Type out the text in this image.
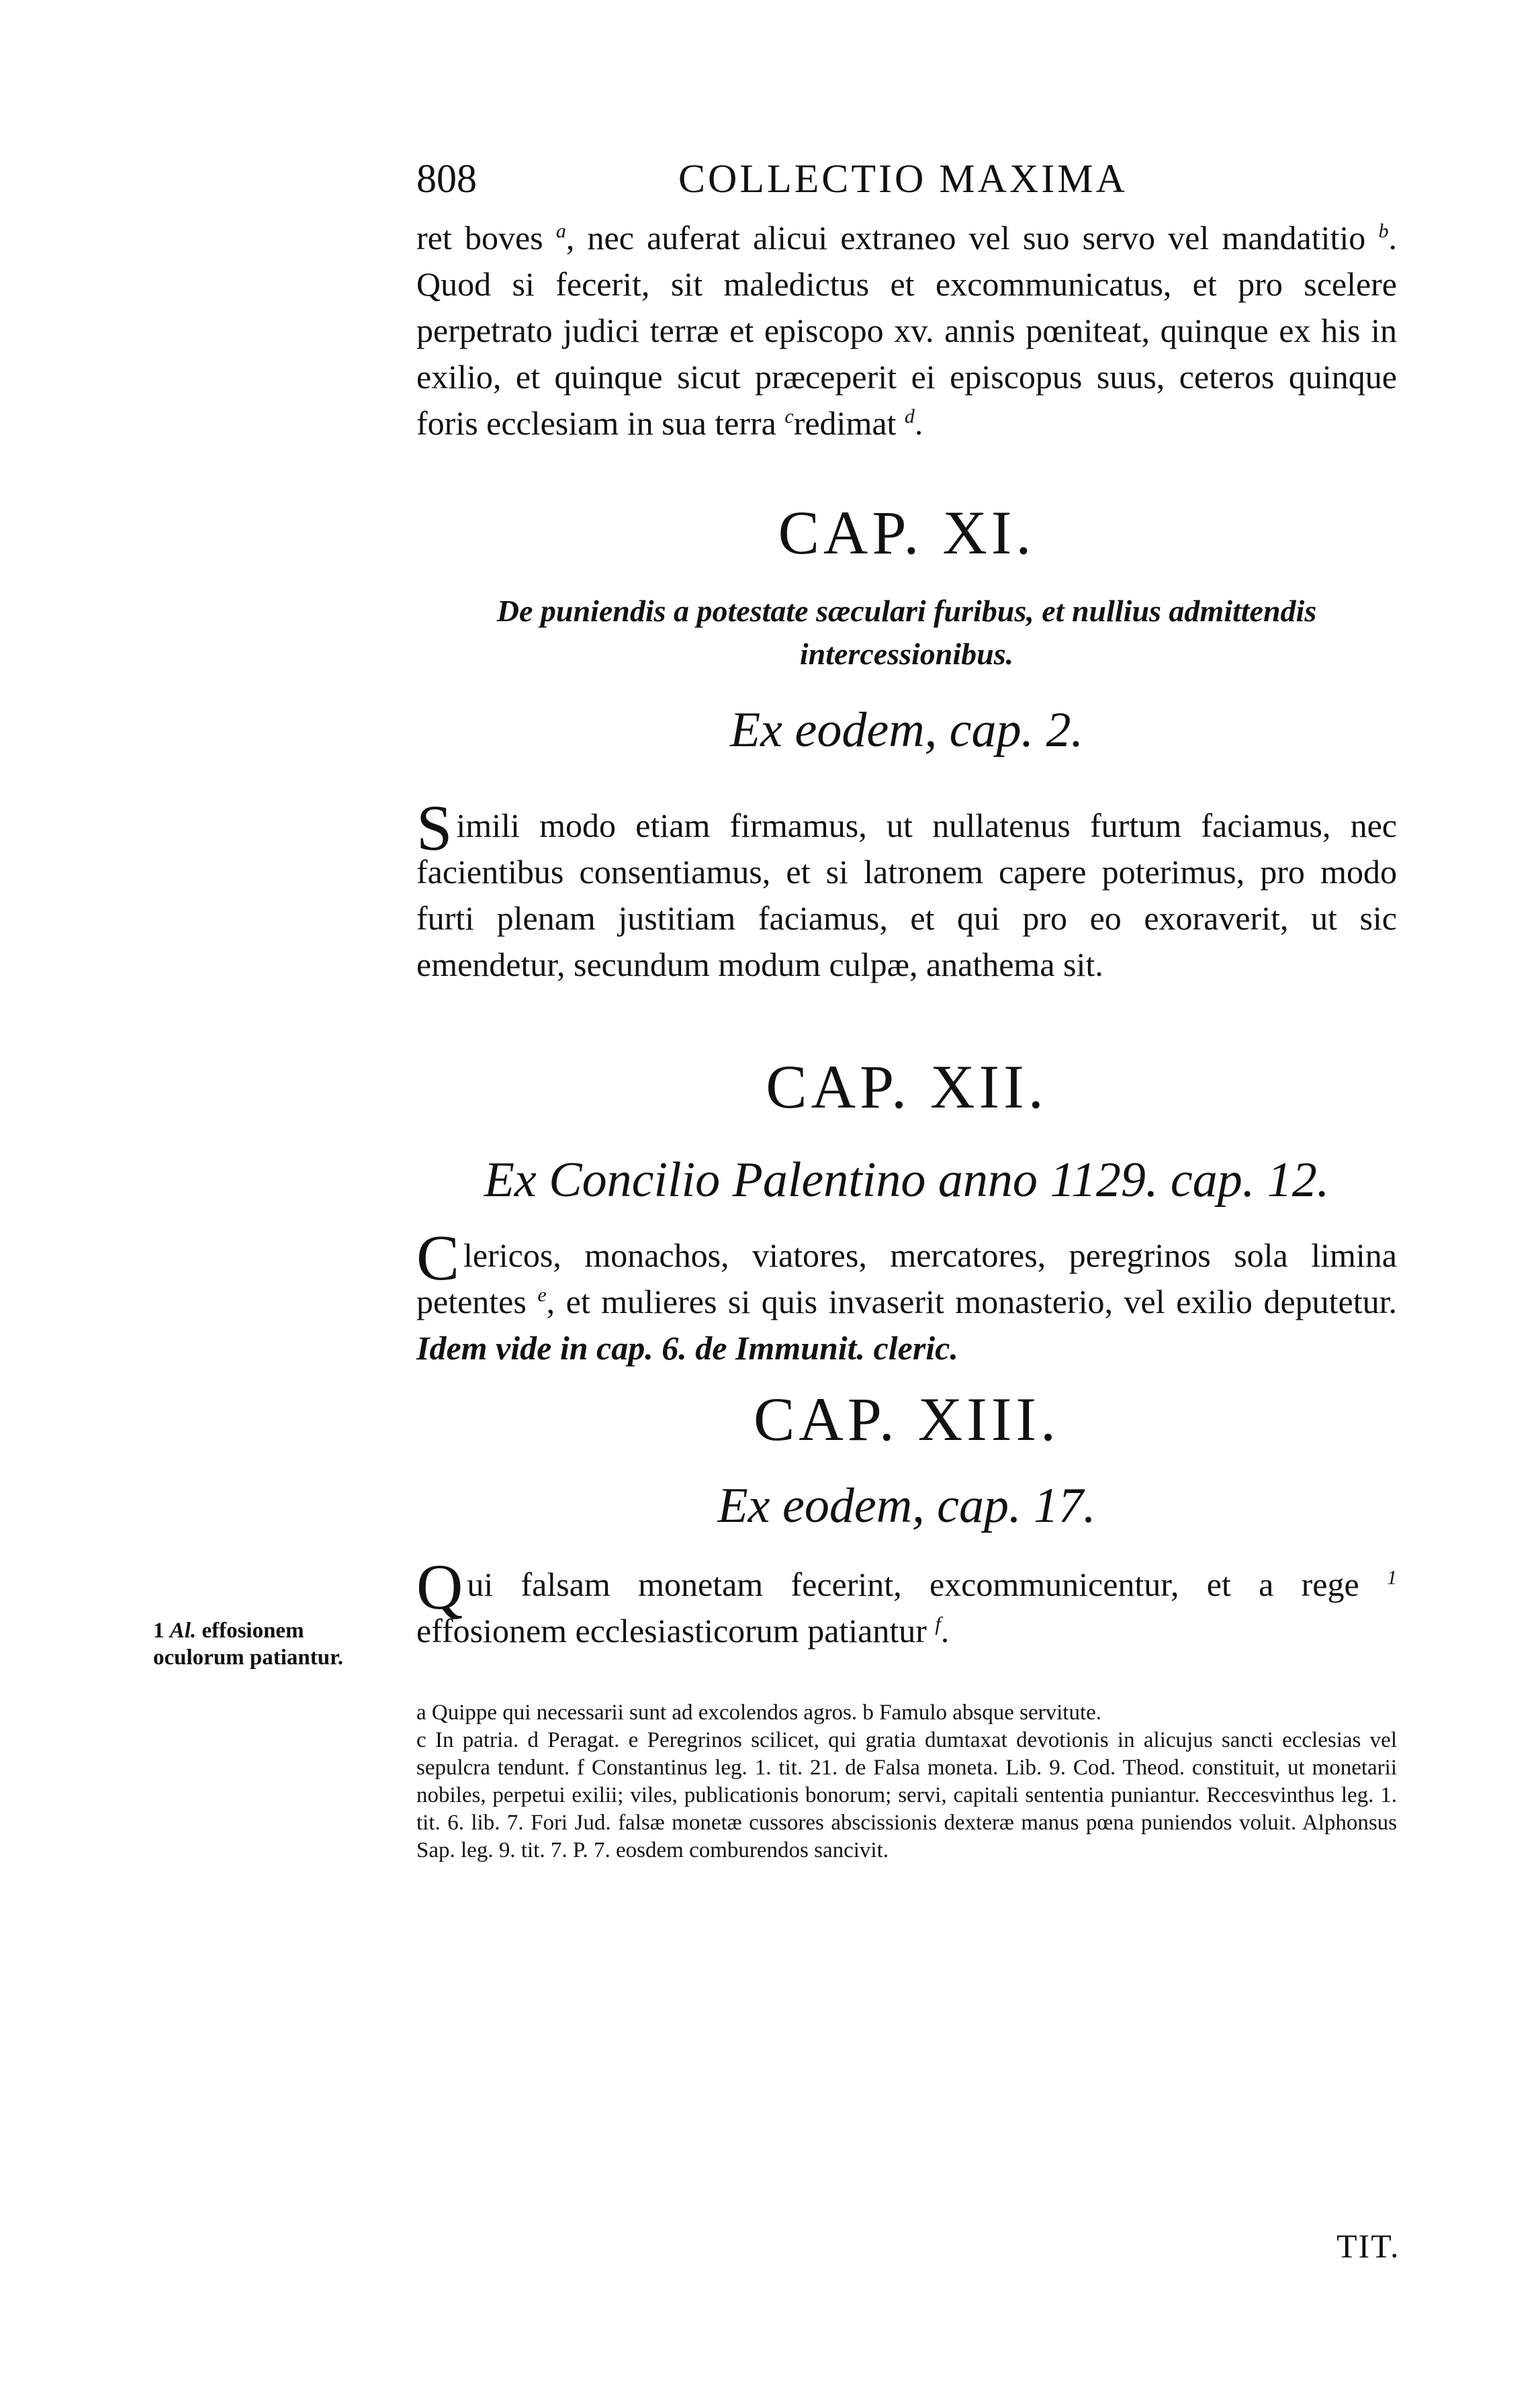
808	COLLECTIO MAXIMA

ret boves $^a$, nec auferat alicui extraneo vel suo servo vel mandatitio $^b$. Quod si fecerit, sit maledictus et excommunicatus, et pro scelere perpetrato judici terræ et episcopo xv. annis pœniteat, quinque ex his in exilio, et quinque sicut præceperit ei episcopus suus, ceteros quinque foris ecclesiam in sua terra $^c$redimat $^d$.

CAP. XI.
De puniendis a potestate sæculari furibus, et nullius admittendis intercessionibus.
Ex eodem, cap. 2.

Simili modo etiam firmamus, ut nullatenus furtum faciamus, nec facientibus consentiamus, et si latronem capere poterimus, pro modo furti plenam justitiam faciamus, et qui pro eo exoraverit, ut sic emendetur, secundum modum culpæ, anathema sit.

CAP. XII.
Ex Concilio Palentino anno 1129. cap. 12.

Clericos, monachos, viatores, mercatores, peregrinos sola limina petentes $^e$, et mulieres si quis invaserit monasterio, vel exilio deputetur. Idem vide in cap. 6. de Immunit. cleric.

CAP. XIII.
Ex eodem, cap. 17.

Qui falsam monetam fecerint, excommunicentur, et a rege $^1$ effosionem ecclesiasticorum patiantur $^f$.

1 Al. effosionem oculorum patiantur.

a Quippe qui necessarii sunt ad excolendos agros. b Famulo absque servitute.

c In patria. d Peragat. e Peregrinos scilicet, qui gratia dumtaxat devotionis in alicujus sancti ecclesias vel sepulcra tendunt. f Constantinus leg. 1. tit. 21. de Falsa moneta. Lib. 9. Cod. Theod. constituit, ut monetarii nobiles, perpetui exilii; viles, publicationis bonorum; servi, capitali sententia puniantur. Reccesvinthus leg. 1. tit. 6. lib. 7. Fori Jud. falsæ monetæ cussores abscissionis dexteræ manus pœna puniendos voluit. Alphonsus Sap. leg. 9. tit. 7. P. 7. eosdem comburendos sancivit.

TIT.
